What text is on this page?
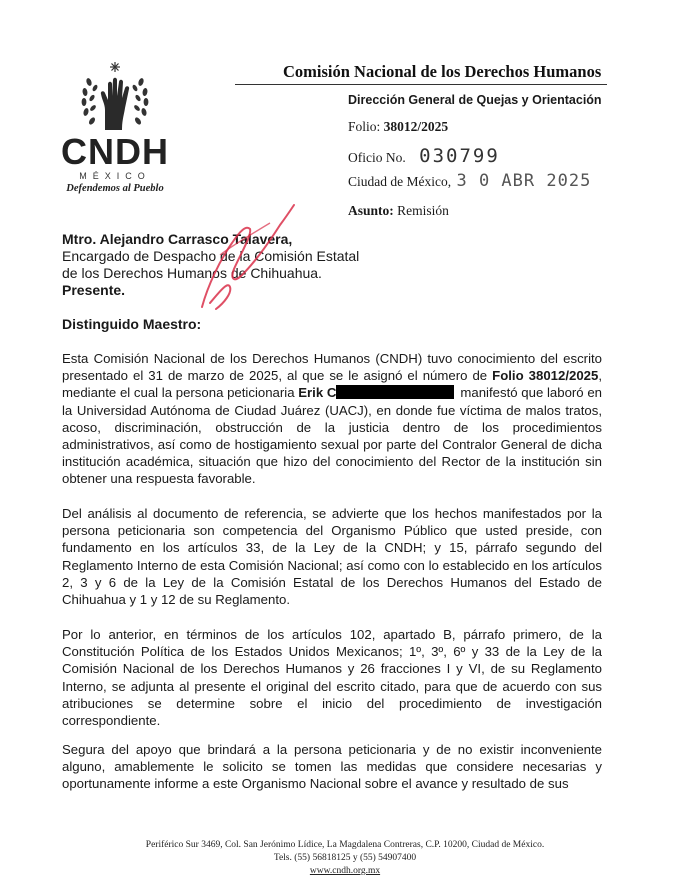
CNDH
MÉXICO
Defendemos al Pueblo
Comisión Nacional de los Derechos Humanos
Dirección General de Quejas y Orientación
Folio: 38012/2025
Oficio No. 030799
Ciudad de México, 3 0 ABR 2025
Asunto: Remisión
Mtro. Alejandro Carrasco Talavera,
Encargado de Despacho de la Comisión Estatal
de los Derechos Humanos de Chihuahua.
Presente.
Distinguido Maestro:
Esta Comisión Nacional de los Derechos Humanos (CNDH) tuvo conocimiento del escrito presentado el 31 de marzo de 2025, al que se le asignó el número de Folio 38012/2025, mediante el cual la persona peticionaria Erik C	manifestó que laboró en la Universidad Autónoma de Ciudad Juárez (UACJ), en donde fue víctima de malos tratos, acoso, discriminación, obstrucción de la justicia dentro de los procedimientos administrativos, así como de hostigamiento sexual por parte del Contralor General de dicha institución académica, situación que hizo del conocimiento del Rector de la institución sin obtener una respuesta favorable.
Del análisis al documento de referencia, se advierte que los hechos manifestados por la persona peticionaria son competencia del Organismo Público que usted preside, con fundamento en los artículos 33, de la Ley de la CNDH; y 15, párrafo segundo del Reglamento Interno de esta Comisión Nacional; así como con lo establecido en los artículos 2, 3 y 6 de la Ley de la Comisión Estatal de los Derechos Humanos del Estado de Chihuahua y 1 y 12 de su Reglamento.
Por lo anterior, en términos de los artículos 102, apartado B, párrafo primero, de la Constitución Política de los Estados Unidos Mexicanos; 1º, 3º, 6º y 33 de la Ley de la Comisión Nacional de los Derechos Humanos y 26 fracciones I y VI, de su Reglamento Interno, se adjunta al presente el original del escrito citado, para que de acuerdo con sus atribuciones se determine sobre el inicio del procedimiento de investigación correspondiente.
Segura del apoyo que brindará a la persona peticionaria y de no existir inconveniente alguno, amablemente le solicito se tomen las medidas que considere necesarias y oportunamente informe a este Organismo Nacional sobre el avance y resultado de sus
Periférico Sur 3469, Col. San Jerónimo Lídice, La Magdalena Contreras, C.P. 10200, Ciudad de México.
Tels. (55) 56818125 y (55) 54907400
www.cndh.org.mx
